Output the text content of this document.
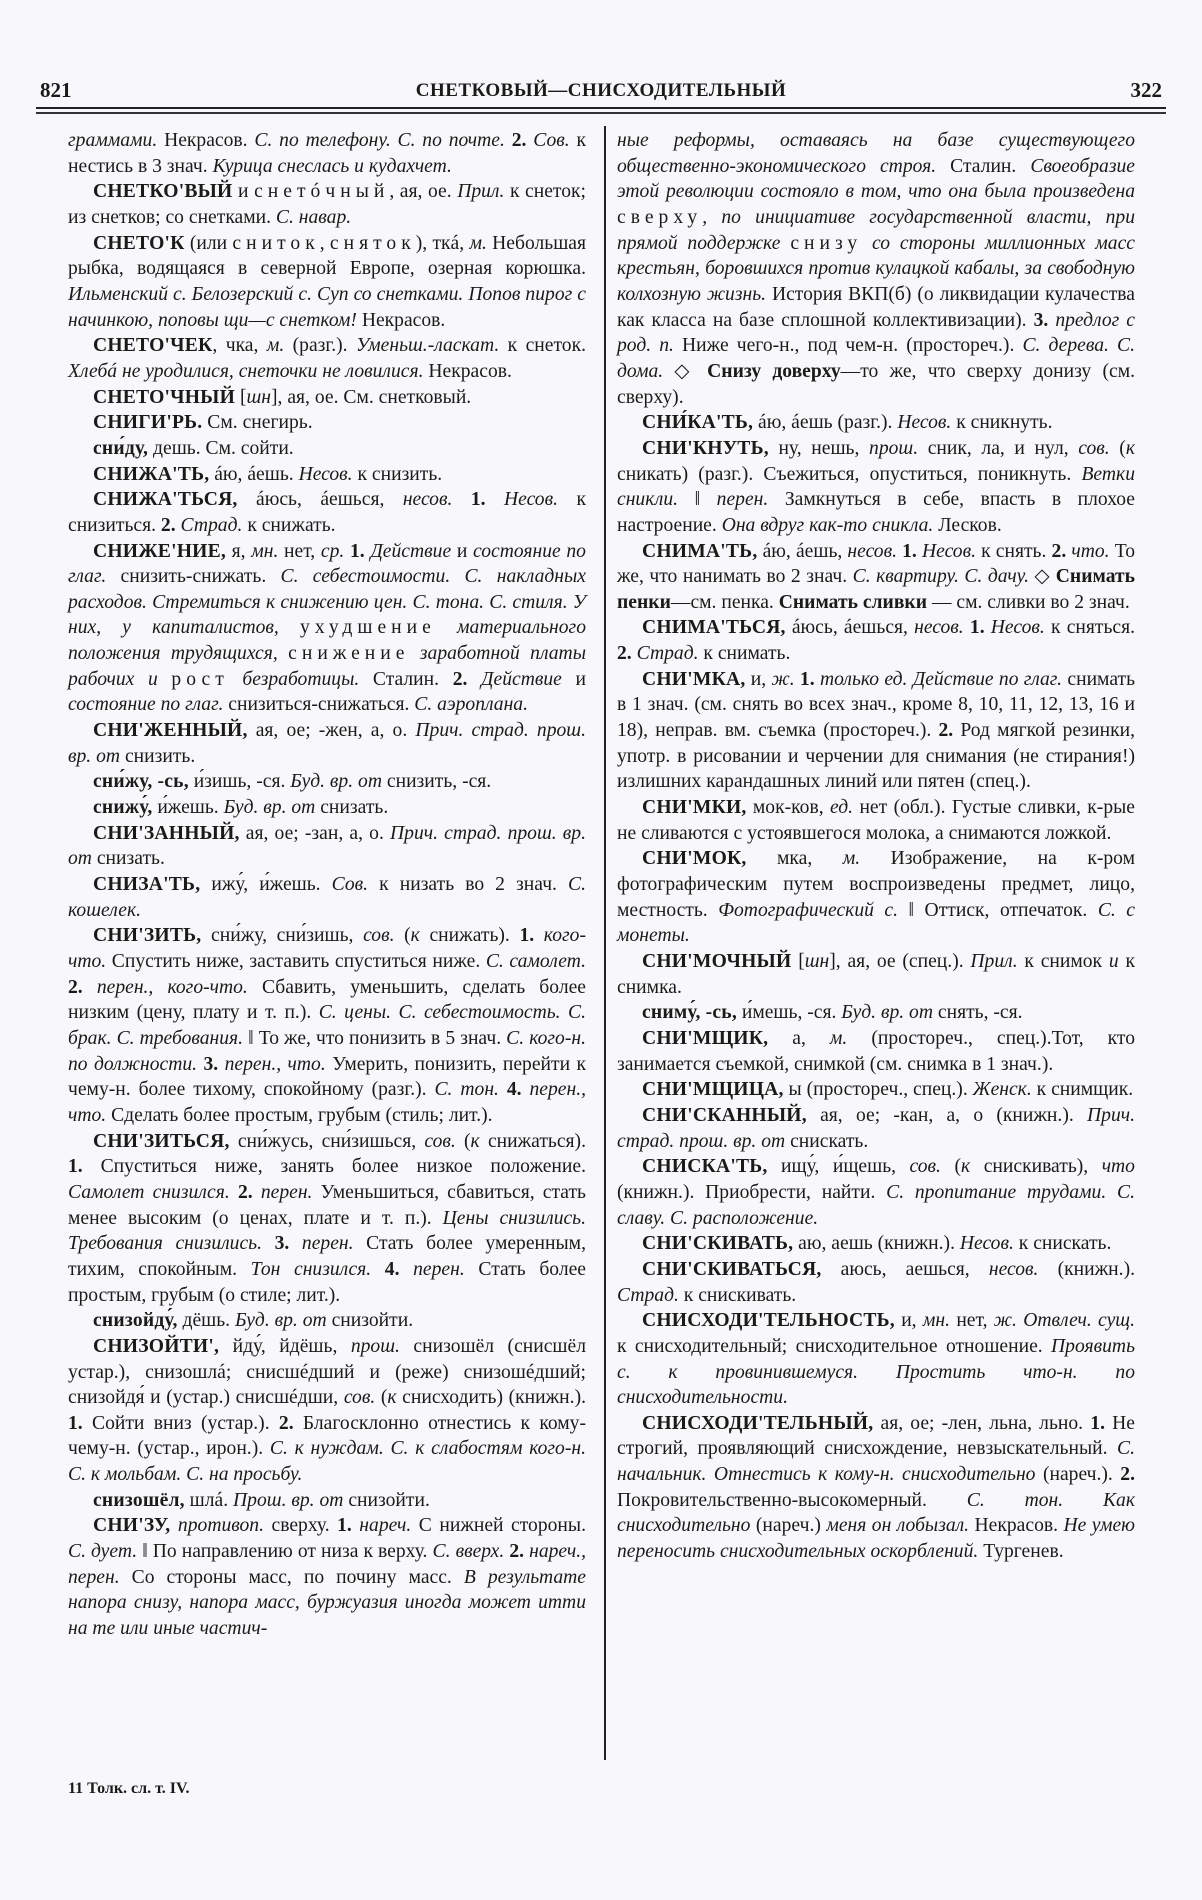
821	СНЕТКОВЫЙ—СНИСХОДИТЕЛЬНЫЙ	322

граммами. Некрасов. С. по телефону. С. по почте. 2. Сов. к нестись в 3 знач. Курица снеслась и кудахчет.

СНЕТКО'ВЫЙ и снетóчный, ая, ое. Прил. к снеток; из снетков; со снетками. С. навар.

СНЕТО'К (или сниток, сняток), ткá, м. Небольшая рыбка, водящаяся в северной Европе, озерная корюшка. Ильменский с. Белозерский с. Суп со снетками. Попов пирог с начинкою, поповы щи—с снетком! Некрасов.

СНЕТО'ЧЕК, чка, м. (разг.). Уменьш.-ласкат. к снеток. Хлебá не уродилися, снеточки не ловилися. Некрасов.

СНЕТО'ЧНЫЙ [шн], ая, ое. См. снетковый.

СНИГИ'РЬ. См. снегирь.

сни́ду, дешь. См. сойти.

СНИЖА'ТЬ, áю, áешь. Несов. к снизить.

СНИЖА'ТЬСЯ, áюсь, áешься, несов. 1. Несов. к снизиться. 2. Страд. к снижать.

СНИЖЕ'НИЕ, я, мн. нет, ср. 1. Действие и состояние по глаг. снизить-снижать. С. себестоимости. С. накладных расходов. Стремиться к снижению цен. С. тона. С. стиля. У них, у капиталистов, ухудшение материального положения трудящихся, снижение заработной платы рабочих и рост безработицы. Сталин. 2. Действие и состояние по глаг. снизиться-снижаться. С. аэроплана.

СНИ'ЖЕННЫЙ, ая, ое; -жен, а, о. Прич. страд. прош. вр. от снизить.

сни́жу, -сь, и́зишь, -ся. Буд. вр. от снизить, -ся.

снижу́, и́жешь. Буд. вр. от снизать.

СНИ'ЗАННЫЙ, ая, ое; -зан, а, о. Прич. страд. прош. вр. от снизать.

СНИЗА'ТЬ, ижу́, и́жешь. Сов. к низать во 2 знач. С. кошелек.

СНИ'ЗИТЬ, сни́жу, сни́зишь, сов. (к снижать). 1. кого-что. Спустить ниже, заставить спуститься ниже. С. самолет. 2. перен., кого-что. Сбавить, уменьшить, сделать более низким (цену, плату и т. п.). С. цены. С. себестоимость. С. брак. С. требования. ‖ То же, что понизить в 5 знач. С. кого-н. по должности. 3. перен., что. Умерить, понизить, перейти к чему-н. более тихому, спокойному (разг.). С. тон. 4. перен., что. Сделать более простым, грубым (стиль; лит.).

СНИ'ЗИТЬСЯ, сни́жусь, сни́зишься, сов. (к снижаться). 1. Спуститься ниже, занять более низкое положение. Самолет снизился. 2. перен. Уменьшиться, сбавиться, стать менее высоким (о ценах, плате и т. п.). Цены снизились. Требования снизились. 3. перен. Стать более умеренным, тихим, спокойным. Тон снизился. 4. перен. Стать более простым, грубым (о стиле; лит.).

снизойду́, дёшь. Буд. вр. от снизойти.

СНИЗОЙТИ', йду́, йдёшь, прош. снизошёл (снисшёл устар.), снизошлá; снисшéдший и (реже) снизошéдший; снизойдя́ и (устар.) снисшéдши, сов. (к снисходить) (книжн.). 1. Сойти вниз (устар.). 2. Благосклонно отнестись к кому-чему-н. (устар., ирон.). С. к нуждам. С. к слабостям кого-н. С. к мольбам. С. на просьбу.

снизошёл, шлá. Прош. вр. от снизойти.

СНИ'ЗУ, противоп. сверху. 1. нареч. С нижней стороны. С. дует. ‖ По направлению от низа к верху. С. вверх. 2. нареч., перен. Со стороны масс, по почину масс. В результате напора снизу, напора масс, буржуазия иногда может итти на те или иные частич-

ные реформы, оставаясь на базе существующего общественно-экономического строя. Сталин. Своеобразие этой революции состояло в том, что она была произведена сверху, по инициативе государственной власти, при прямой поддержке снизу со стороны миллионных масс крестьян, боровшихся против кулацкой кабалы, за свободную колхозную жизнь. История ВКП(б) (о ликвидации кулачества как класса на базе сплошной коллективизации). 3. предлог с род. п. Ниже чего-н., под чем-н. (простореч.). С. дерева. С. дома. ◇ Снизу доверху—то же, что сверху донизу (см. сверху).

СНИ́КА'ТЬ, áю, áешь (разг.). Несов. к сникнуть.

СНИ'КНУТЬ, ну, нешь, прош. сник, ла, и нул, сов. (к сникать) (разг.). Съежиться, опуститься, поникнуть. Ветки сникли. ‖ перен. Замкнуться в себе, впасть в плохое настроение. Она вдруг как-то сникла. Лесков.

СНИМА'ТЬ, áю, áешь, несов. 1. Несов. к снять. 2. что. То же, что нанимать во 2 знач. С. квартиру. С. дачу. ◇ Снимать пенки—см. пенка. Снимать сливки — см. сливки во 2 знач.

СНИМА'ТЬСЯ, áюсь, áешься, несов. 1. Несов. к сняться. 2. Страд. к снимать.

СНИ'МКА, и, ж. 1. только ед. Действие по глаг. снимать в 1 знач. (см. снять во всех знач., кроме 8, 10, 11, 12, 13, 16 и 18), неправ. вм. съемка (простореч.). 2. Род мягкой резинки, употр. в рисовании и черчении для снимания (не стирания!) излишних карандашных линий или пятен (спец.).

СНИ'МКИ, мок-ков, ед. нет (обл.). Густые сливки, к-рые не сливаются с устоявшегося молока, а снимаются ложкой.

СНИ'МОК, мка, м. Изображение, на к-ром фотографическим путем воспроизведены предмет, лицо, местность. Фотографический с. ‖ Оттиск, отпечаток. С. с монеты.

СНИ'МОЧНЫЙ [шн], ая, ое (спец.). Прил. к снимок и к снимка.

сниму́, -сь, и́мешь, -ся. Буд. вр. от снять, -ся.

СНИ'МЩИК, а, м. (простореч., спец.).Тот, кто занимается съемкой, снимкой (см. снимка в 1 знач.).

СНИ'МЩИЦА, ы (простореч., спец.). Женск. к снимщик.

СНИ'СКАННЫЙ, ая, ое; -кан, а, о (книжн.). Прич. страд. прош. вр. от снискать.

СНИСКА'ТЬ, ищу́, и́щешь, сов. (к снискивать), что (книжн.). Приобрести, найти. С. пропитание трудами. С. славу. С. расположение.

СНИ'СКИВАТЬ, аю, аешь (книжн.). Несов. к снискать.

СНИ'СКИВАТЬСЯ, аюсь, аешься, несов. (книжн.). Страд. к снискивать.

СНИСХОДИ'ТЕЛЬНОСТЬ, и, мн. нет, ж. Отвлеч. сущ. к снисходительный; снисходительное отношение. Проявить с. к провинившемуся. Простить что-н. по снисходительности.

СНИСХОДИ'ТЕЛЬНЫЙ, ая, ое; -лен, льна, льно. 1. Не строгий, проявляющий снисхождение, невзыскательный. С. начальник. Отнестись к кому-н. снисходительно (нареч.). 2. Покровительственно-высокомерный. С. тон. Как снисходительно (нареч.) меня он лобызал. Некрасов. Не умею переносить снисходительных оскорблений. Тургенев.

11 Толк. сл. т. IV.
